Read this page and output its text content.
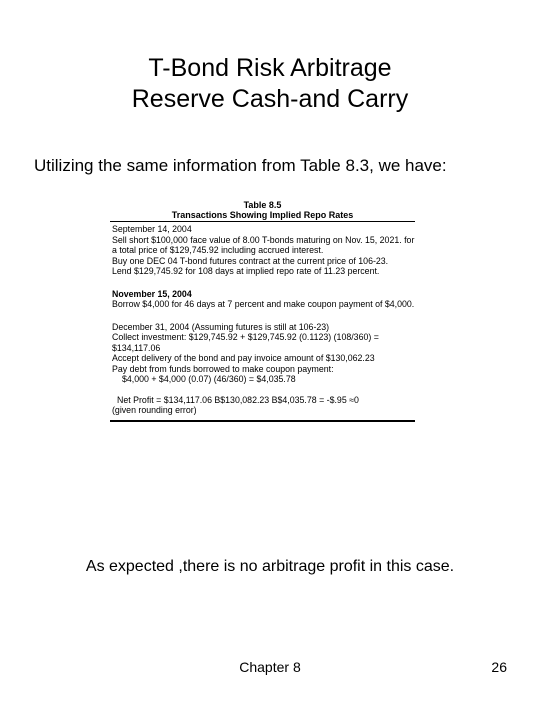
T-Bond Risk Arbitrage
Reserve Cash-and Carry
Utilizing the same information from Table 8.3, we have:
Table 8.5
Transactions Showing Implied Repo Rates
September 14, 2004
Sell short $100,000 face value of 8.00 T-bonds maturing on Nov. 15, 2021. for a total price of $129,745.92 including accrued interest.
Buy one DEC 04 T-bond futures contract at the current price of 106-23.
Lend $129,745.92 for 108 days at implied repo rate of 11.23 percent.
November 15, 2004
Borrow $4,000 for 46 days at 7 percent and make coupon payment of $4,000.
December 31, 2004 (Assuming futures is still at 106-23)
Collect investment: $129,745.92 + $129,745.92 (0.1123) (108/360) = $134,117.06
Accept delivery of the bond and pay invoice amount of $130,062.23
Pay debt from funds borrowed to make coupon payment:
$4,000 + $4,000 (0.07) (46/360) = $4,035.78
Net Profit = $134,117.06 B$130,082.23 B$4,035.78 = -$.95 ≈0
(given rounding error)
As expected ,there is no arbitrage profit in this case.
Chapter 8	26
